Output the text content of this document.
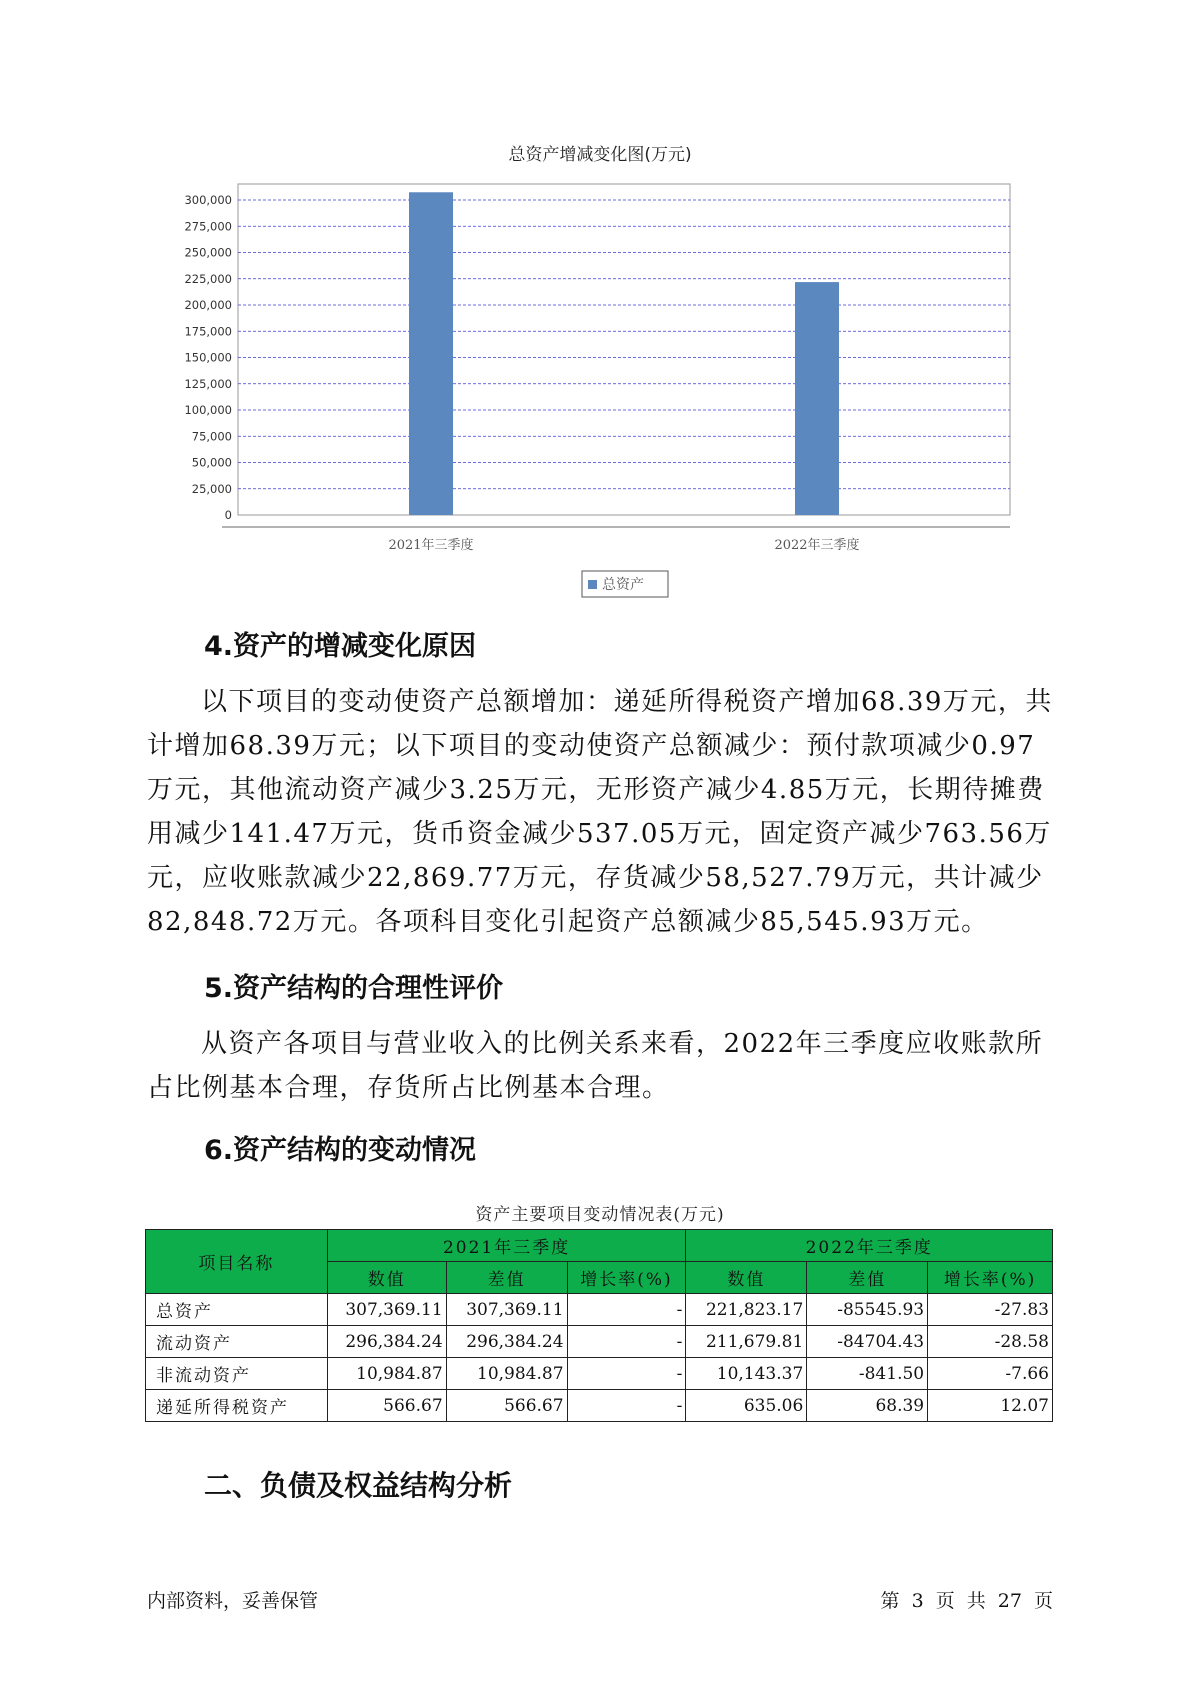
总资产增减变化图(万元)
0
25,000
50,000
75,000
100,000
125,000
150,000
175,000
200,000
225,000
250,000
275,000
300,000
2021年三季度	2022年三季度
总资产
4.资产的增减变化原因
以下项目的变动使资产总额增加：递延所得税资产增加68.39万元，共计增加68.39万元；以下项目的变动使资产总额减少：预付款项减少0.97万元，其他流动资产减少3.25万元，无形资产减少4.85万元，长期待摊费用减少141.47万元，货币资金减少537.05万元，固定资产减少763.56万元，应收账款减少22,869.77万元，存货减少58,527.79万元，共计减少82,848.72万元。各项科目变化引起资产总额减少85,545.93万元。
5.资产结构的合理性评价
从资产各项目与营业收入的比例关系来看，2022年三季度应收账款所占比例基本合理，存货所占比例基本合理。
6.资产结构的变动情况
资产主要项目变动情况表(万元)
项目名称	2021年三季度			2022年三季度		
	数值	差值	增长率(%)	数值	差值	增长率(%)
总资产	307,369.11	307,369.11	-	221,823.17	-85545.93	-27.83
流动资产	296,384.24	296,384.24	-	211,679.81	-84704.43	-28.58
非流动资产	10,984.87	10,984.87	-	10,143.37	-841.50	-7.66
递延所得税资产	566.67	566.67	-	635.06	68.39	12.07
二、负债及权益结构分析
内部资料，妥善保管	第 3 页 共 27 页
